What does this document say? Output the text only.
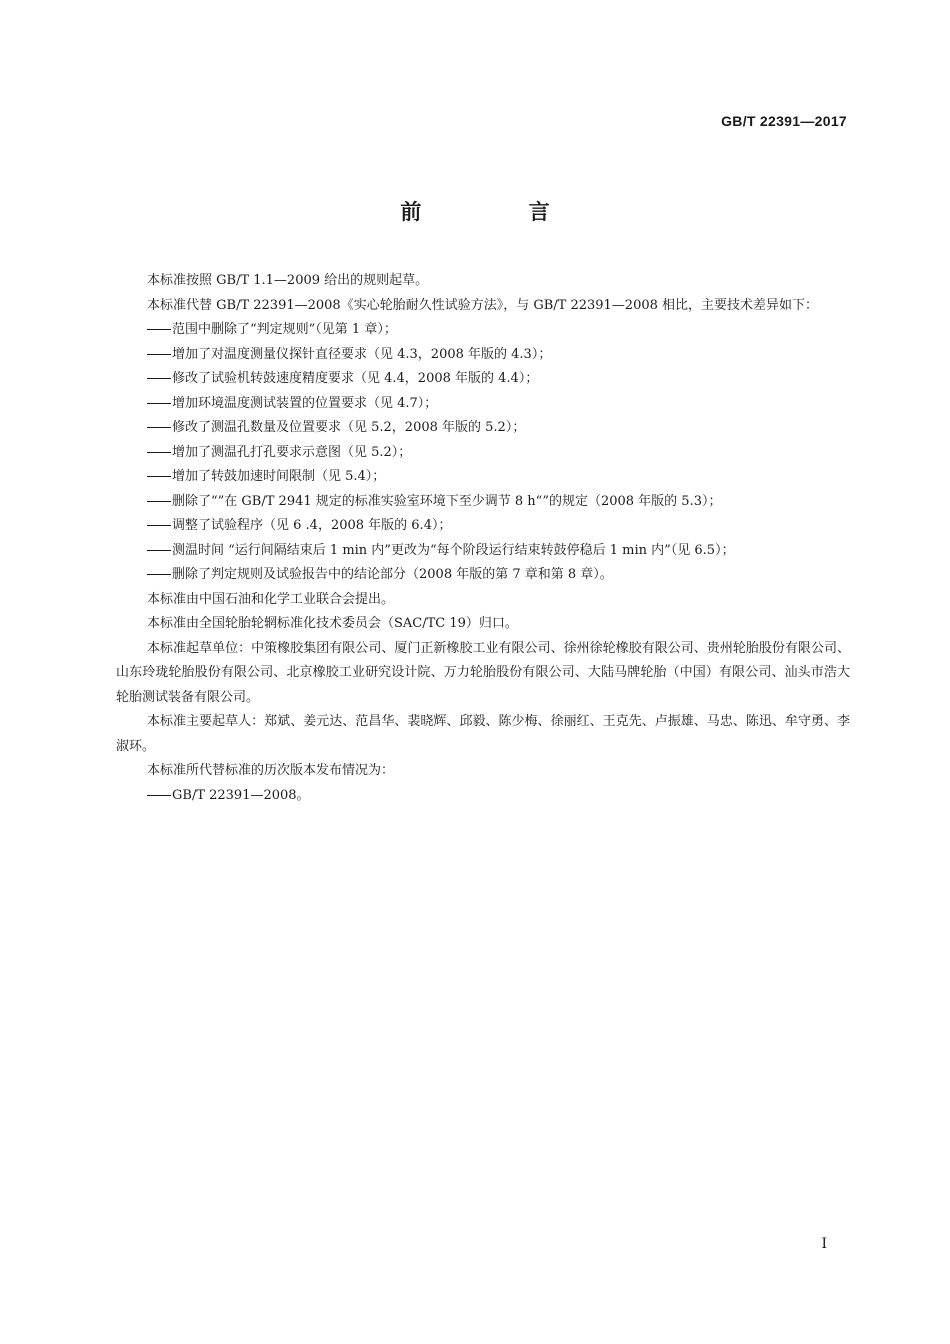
GB/T 22391—2017
前 言

本标准按照 GB/T 1.1—2009 给出的规则起草。

本标准代替 GB/T 22391—2008《实心轮胎耐久性试验方法》，与 GB/T 22391—2008 相比，主要技术差异如下：

范围中删除了“判定规则”（见第 1 章）；

增加了对温度测量仪探针直径要求（见 4.3，2008 年版的 4.3）；

修改了试验机转鼓速度精度要求（见 4.4，2008 年版的 4.4）；

增加环境温度测试装置的位置要求（见 4.7）；

修改了测温孔数量及位置要求（见 5.2，2008 年版的 5.2）；

增加了测温孔打孔要求示意图（见 5.2）；

增加了转鼓加速时间限制（见 5.4）；

删除了“”在 GB/T 2941 规定的标准实验室环境下至少调节 8 h“”的规定（2008 年版的 5.3）；

调整了试验程序（见 6 .4，2008 年版的 6.4）；

测温时间 “运行间隔结束后 1 min 内”更改为“每个阶段运行结束转鼓停稳后 1 min 内”（见 6.5）；

删除了判定规则及试验报告中的结论部分（2008 年版的第 7 章和第 8 章）。

本标准由中国石油和化学工业联合会提出。

本标准由全国轮胎轮辋标准化技术委员会（SAC/TC 19）归口。

本标准起草单位：中策橡胶集团有限公司、厦门正新橡胶工业有限公司、徐州徐轮橡胶有限公司、贵州轮胎股份有限公司、山东玲珑轮胎股份有限公司、北京橡胶工业研究设计院、万力轮胎股份有限公司、大陆马牌轮胎（中国）有限公司、汕头市浩大轮胎测试装备有限公司。

本标准主要起草人：郑斌、姜元达、范昌华、裴晓辉、邱毅、陈少梅、徐丽红、王克先、卢振雄、马忠、陈迅、牟守勇、李淑环。

本标准所代替标准的历次版本发布情况为：

GB/T 22391—2008。

I
